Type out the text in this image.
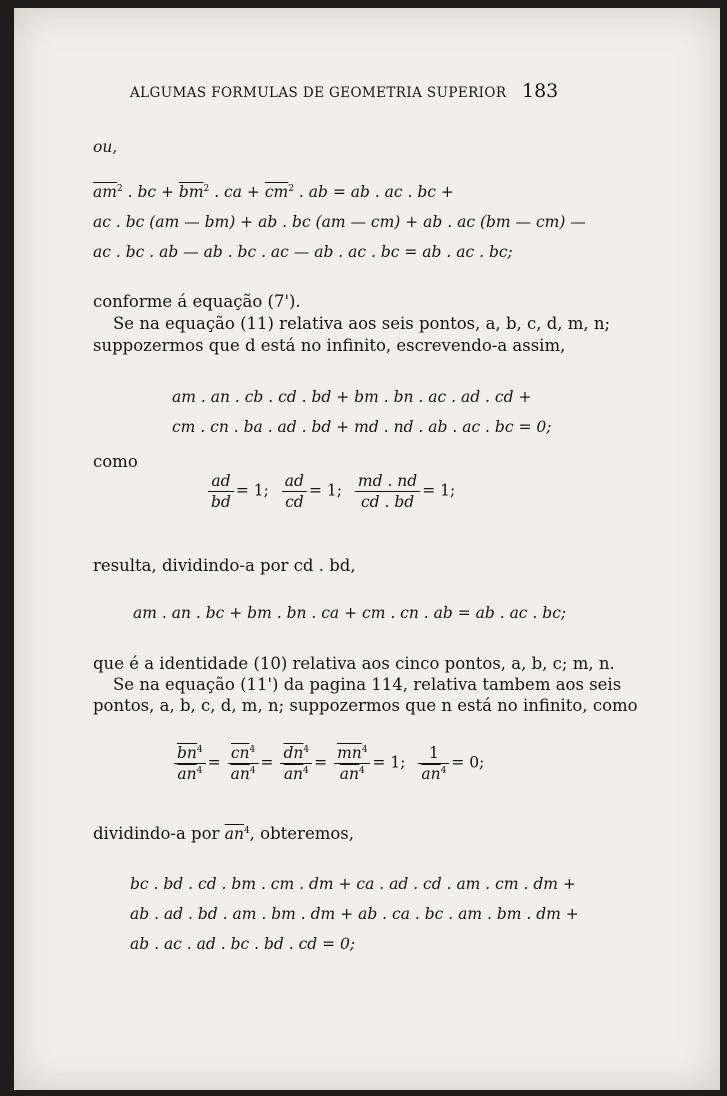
ALGUMAS FORMULAS DE GEOMETRIA SUPERIOR 183
ou,
$\overline{am}^2$ . bc + $\overline{bm}^2$ . ca + $\overline{cm}^2$ . ab = ab . ac . bc +
ac . bc (am — bm) + ab . bc (am — cm) + ab . ac (bm — cm) —
ac . bc . ab — ab . bc . ac — ab . ac . bc = ab . ac . bc;
conforme á equação (7').
Se na equação (11) relativa aos seis pontos, a, b, c, d, m, n;
suppozermos que d está no infinito, escrevendo-a assim,
am . an . cb . cd . bd + bm . bn . ac . ad . cd +
cm . cn . ba . ad . bd + md . nd . ab . ac . bc = 0;
como
$\frac{ad}{bd} = 1$; $\frac{ad}{cd} = 1$; $\frac{md . nd}{cd . bd} = 1$;
resulta, dividindo-a por cd . bd,
am . an . bc + bm . bn . ca + cm . cn . ab = ab . ac . bc;
que é a identidade (10) relativa aos cinco pontos, a, b, c; m, n.
Se na equação (11') da pagina 114, relativa tambem aos seis
pontos, a, b, c, d, m, n; suppozermos que n está no infinito, como
$\frac{\overline{bn}^4}{\overline{an}^4} = \frac{\overline{cn}^4}{\overline{an}^4} = \frac{\overline{dn}^4}{\overline{an}^4} = \frac{\overline{mn}^4}{\overline{an}^4} = 1$; $\frac{1}{\overline{an}^4} = 0$;
dividindo-a por $\overline{an}^4$, obteremos,
bc . bd . cd . bm . cm . dm + ca . ad . cd . am . cm . dm +
ab . ad . bd . am . bm . dm + ab . ca . bc . am . bm . dm +
ab . ac . ad . bc . bd . cd = 0;
